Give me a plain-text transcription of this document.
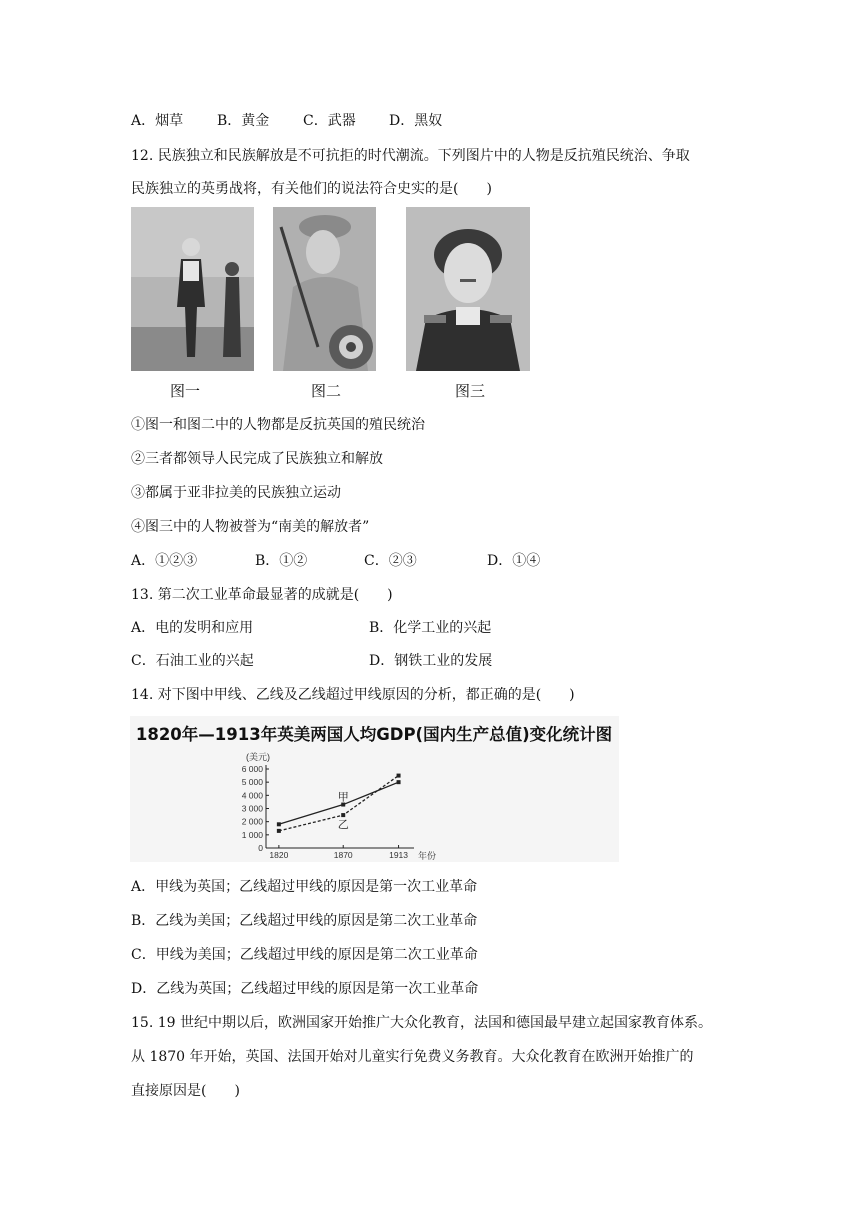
A．烟草 B．黄金 C．武器 D．黑奴
12. 民族独立和民族解放是不可抗拒的时代潮流。下列图片中的人物是反抗殖民统治、争取
民族独立的英勇战将，有关他们的说法符合史实的是(　　)
图一	图二	图三
①图一和图二中的人物都是反抗英国的殖民统治
②三者都领导人民完成了民族独立和解放
③都属于亚非拉美的民族独立运动
④图三中的人物被誉为“南美的解放者”
A．①②③	B．①②	C．②③	D．①④
13. 第二次工业革命最显著的成就是(　　)
A．电的发明和应用	B．化学工业的兴起
C．石油工业的兴起	D．钢铁工业的发展
14. 对下图中甲线、乙线及乙线超过甲线原因的分析，都正确的是(　　)
1820年—1913年英美两国人均GDP(国内生产总值)变化统计图
(美元)
年份
0
1 000
2 000
3 000
4 000
5 000
6 000
1820	1870	1913
甲
乙
A．甲线为英国；乙线超过甲线的原因是第一次工业革命
B．乙线为美国；乙线超过甲线的原因是第二次工业革命
C．甲线为美国；乙线超过甲线的原因是第二次工业革命
D．乙线为英国；乙线超过甲线的原因是第一次工业革命
15. 19 世纪中期以后，欧洲国家开始推广大众化教育，法国和德国最早建立起国家教育体系。
从 1870 年开始，英国、法国开始对儿童实行免费义务教育。大众化教育在欧洲开始推广的
直接原因是(　　)
